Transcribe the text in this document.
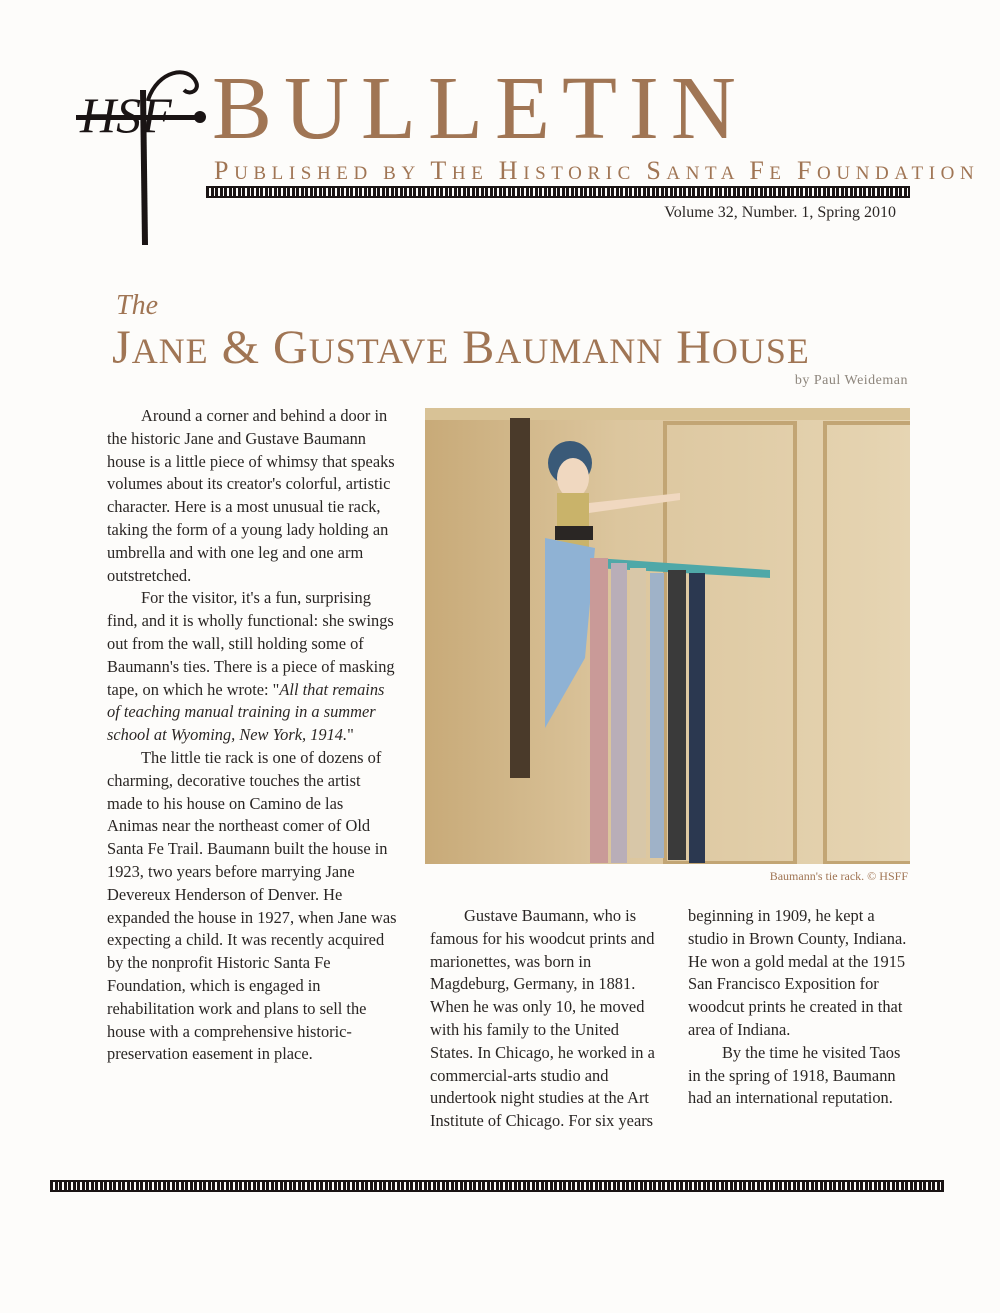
HSF BULLETIN
PUBLISHED BY THE HISTORIC SANTA FE FOUNDATION
Volume 32, Number. 1, Spring 2010
The
JANE & GUSTAVE BAUMANN HOUSE
by Paul Weideman

Around a corner and behind a door in the historic Jane and Gustave Baumann house is a little piece of whimsy that speaks volumes about its creator's colorful, artistic character. Here is a most unusual tie rack, taking the form of a young lady holding an umbrella and with one leg and one arm outstretched.

For the visitor, it's a fun, surprising find, and it is wholly functional: she swings out from the wall, still holding some of Baumann's ties. There is a piece of masking tape, on which he wrote: "All that remains of teaching manual training in a summer school at Wyoming, New York, 1914."

The little tie rack is one of dozens of charming, decorative touches the artist made to his house on Camino de las Animas near the northeast comer of Old Santa Fe Trail. Baumann built the house in 1923, two years before marrying Jane Devereux Henderson of Denver. He expanded the house in 1927, when Jane was expecting a child. It was recently acquired by the nonprofit Historic Santa Fe Foundation, which is engaged in rehabilitation work and plans to sell the house with a comprehensive historic-preservation easement in place.

Baumann's tie rack. © HSFF

Gustave Baumann, who is famous for his woodcut prints and marionettes, was born in Magdeburg, Germany, in 1881. When he was only 10, he moved with his family to the United States. In Chicago, he worked in a commercial-arts studio and undertook night studies at the Art Institute of Chicago. For six years

beginning in 1909, he kept a studio in Brown County, Indiana. He won a gold medal at the 1915 San Francisco Exposition for woodcut prints he created in that area of Indiana.

By the time he visited Taos in the spring of 1918, Baumann had an international reputation.
